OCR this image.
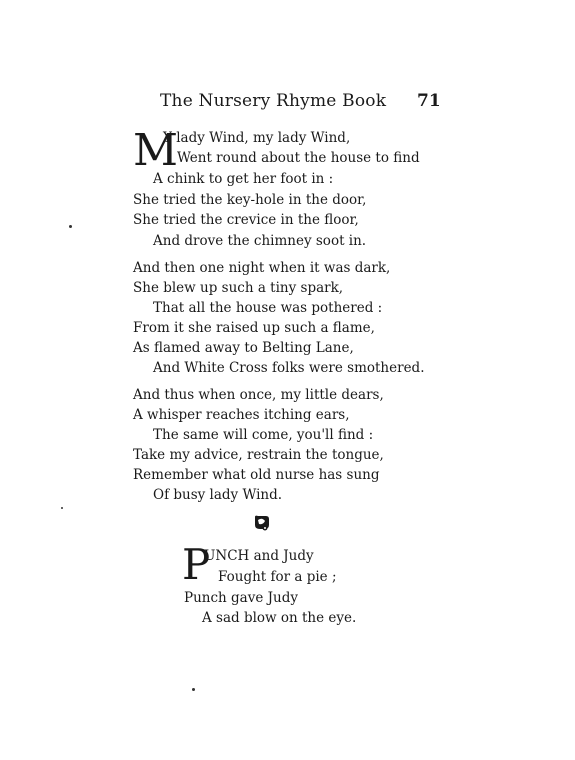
The Nursery Rhyme Book 71
M
Y lady Wind, my lady Wind,
Went round about the house to find
A chink to get her foot in :
She tried the key-hole in the door,
She tried the crevice in the floor,
And drove the chimney soot in.
And then one night when it was dark,
She blew up such a tiny spark,
That all the house was pothered :
From it she raised up such a flame,
As flamed away to Belting Lane,
And White Cross folks were smothered.
And thus when once, my little dears,
A whisper reaches itching ears,
The same will come, you'll find :
Take my advice, restrain the tongue,
Remember what old nurse has sung
Of busy lady Wind.
P
UNCH and Judy
Fought for a pie ;
Punch gave Judy
A sad blow on the eye.
